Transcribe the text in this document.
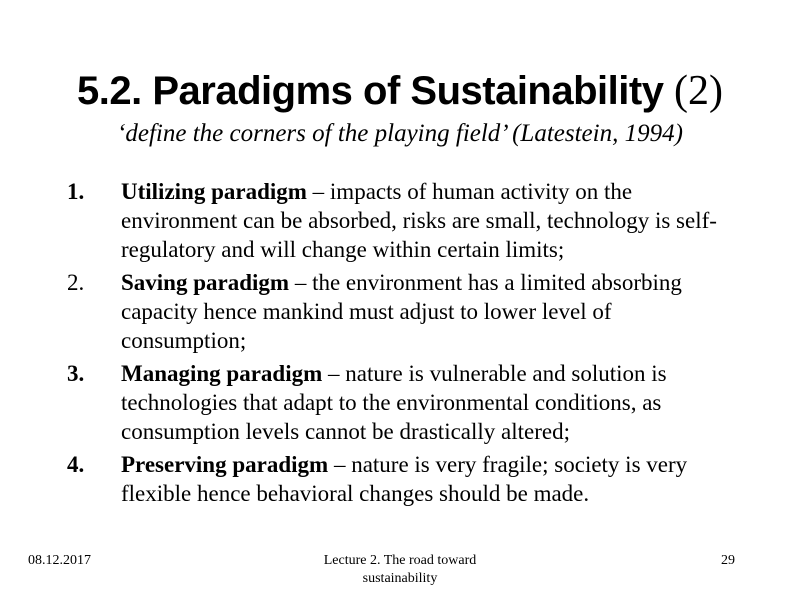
5.2. Paradigms of Sustainability (2)
‘define the corners of the playing field’ (Latestein, 1994)
1. Utilizing paradigm – impacts of human activity on the environment can be absorbed, risks are small, technology is self-regulatory and will change within certain limits;
2. Saving paradigm – the environment has a limited absorbing capacity hence mankind must adjust to lower level of consumption;
3. Managing paradigm – nature is vulnerable and solution is technologies that adapt to the environmental conditions, as consumption levels cannot be drastically altered;
4. Preserving paradigm – nature is very fragile; society is very flexible hence behavioral changes should be made.
08.12.2017	Lecture 2. The road toward sustainability
29
